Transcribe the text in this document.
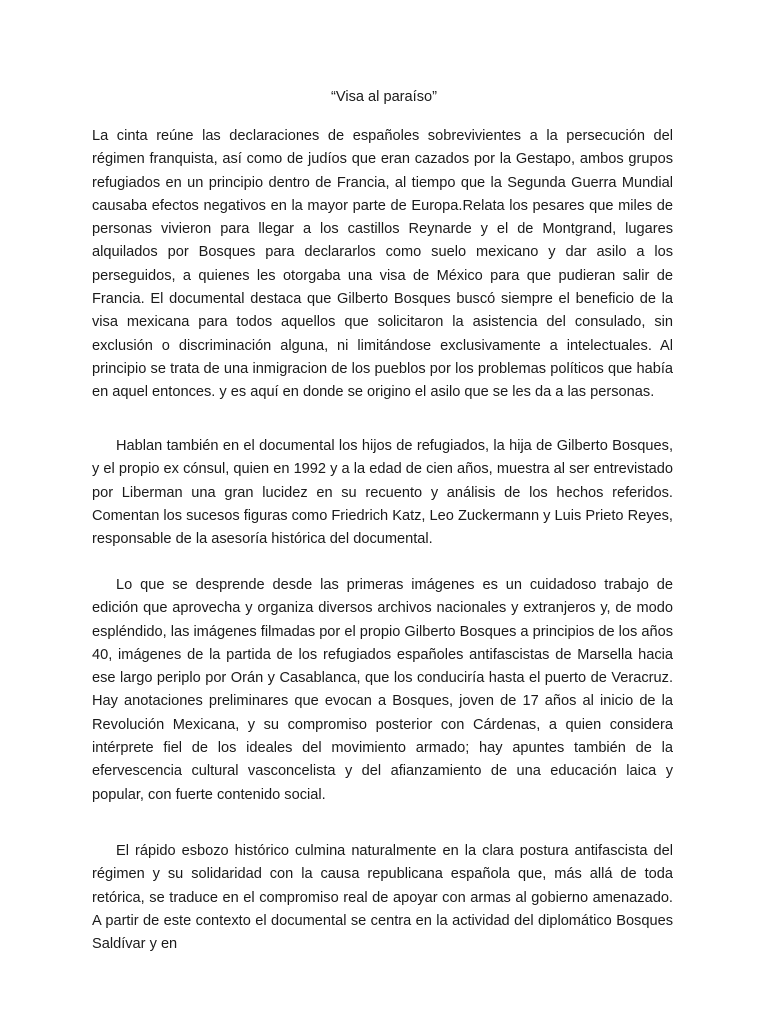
“Visa al paraíso”

La cinta reúne las declaraciones de españoles sobrevivientes a la persecución del régimen franquista, así como de judíos que eran cazados por la Gestapo, ambos grupos refugiados en un principio dentro de Francia, al tiempo que la Segunda Guerra Mundial causaba efectos negativos en la mayor parte de Europa.Relata los pesares que miles de personas vivieron para llegar a los castillos Reynarde y el de Montgrand, lugares alquilados por Bosques para declararlos como suelo mexicano y dar asilo a los perseguidos, a quienes les otorgaba una visa de México para que pudieran salir de Francia. El documental destaca que Gilberto Bosques buscó siempre el beneficio de la visa mexicana para todos aquellos que solicitaron la asistencia del consulado, sin exclusión o discriminación alguna, ni limitándose exclusivamente a intelectuales. Al principio se trata de una inmigracion de los pueblos por los problemas políticos que había en aquel entonces. y es aquí en donde se origino el asilo que se les da a las personas.

Hablan también en el documental los hijos de refugiados, la hija de Gilberto Bosques, y el propio ex cónsul, quien en 1992 y a la edad de cien años, muestra al ser entrevistado por Liberman una gran lucidez en su recuento y análisis de los hechos referidos. Comentan los sucesos figuras como Friedrich Katz, Leo Zuckermann y Luis Prieto Reyes, responsable de la asesoría histórica del documental.

Lo que se desprende desde las primeras imágenes es un cuidadoso trabajo de edición que aprovecha y organiza diversos archivos nacionales y extranjeros y, de modo espléndido, las imágenes filmadas por el propio Gilberto Bosques a principios de los años 40, imágenes de la partida de los refugiados españoles antifascistas de Marsella hacia ese largo periplo por Orán y Casablanca, que los conduciría hasta el puerto de Veracruz. Hay anotaciones preliminares que evocan a Bosques, joven de 17 años al inicio de la Revolución Mexicana, y su compromiso posterior con Cárdenas, a quien considera intérprete fiel de los ideales del movimiento armado; hay apuntes también de la efervescencia cultural vasconcelista y del afianzamiento de una educación laica y popular, con fuerte contenido social.

El rápido esbozo histórico culmina naturalmente en la clara postura antifascista del régimen y su solidaridad con la causa republicana española que, más allá de toda retórica, se traduce en el compromiso real de apoyar con armas al gobierno amenazado. A partir de este contexto el documental se centra en la actividad del diplomático Bosques Saldívar y en
